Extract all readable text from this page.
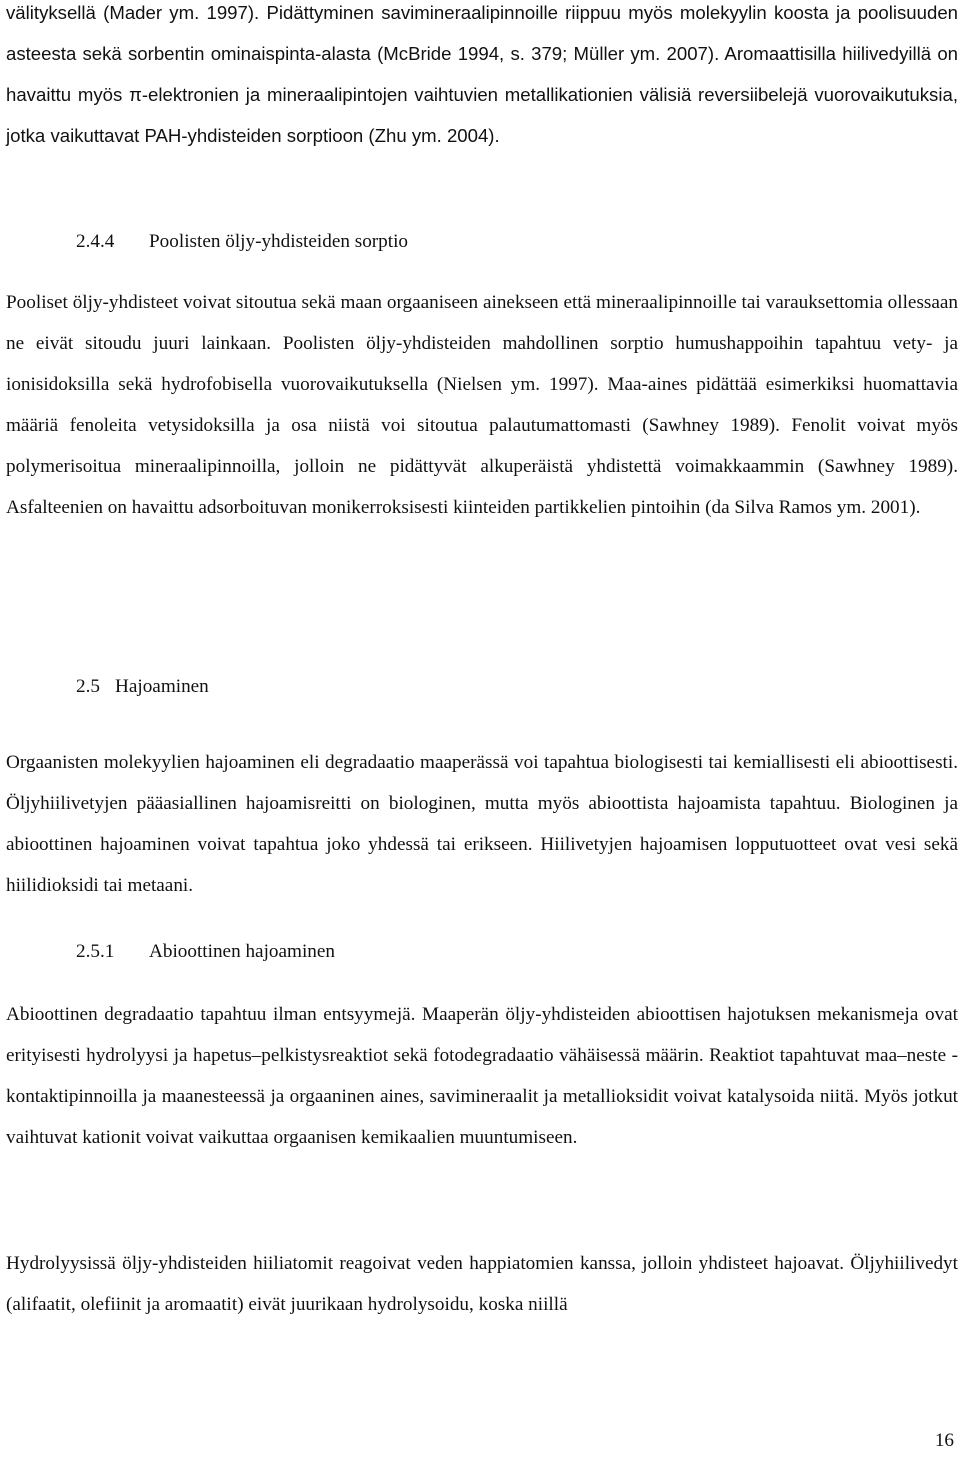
välityksellä (Mader ym. 1997). Pidättyminen savimineraalipinnoille riippuu myös molekyylin koosta ja poolisuuden asteesta sekä sorbentin ominaispinta-alasta (McBride 1994, s. 379; Müller ym. 2007). Aromaattisilla hiilivedyillä on havaittu myös π-elektronien ja mineraalipintojen vaihtuvien metallikationien välisiä reversiibelejä vuorovaikutuksia, jotka vaikuttavat PAH-yhdisteiden sorptioon (Zhu ym. 2004).

2.4.4 Poolisten öljy-yhdisteiden sorptio

Pooliset öljy-yhdisteet voivat sitoutua sekä maan orgaaniseen ainekseen että mineraalipinnoille tai varauksettomia ollessaan ne eivät sitoudu juuri lainkaan. Poolisten öljy-yhdisteiden mahdollinen sorptio humushappoihin tapahtuu vety- ja ionisidoksilla sekä hydrofobisella vuorovaikutuksella (Nielsen ym. 1997). Maa-aines pidättää esimerkiksi huomattavia määriä fenoleita vetysidoksilla ja osa niistä voi sitoutua palautumattomasti (Sawhney 1989). Fenolit voivat myös polymerisoitua mineraalipinnoilla, jolloin ne pidättyvät alkuperäistä yhdistettä voimakkaammin (Sawhney 1989). Asfalteenien on havaittu adsorboituvan monikerroksisesti kiinteiden partikkelien pintoihin (da Silva Ramos ym. 2001).

2.5 Hajoaminen

Orgaanisten molekyylien hajoaminen eli degradaatio maaperässä voi tapahtua biologisesti tai kemiallisesti eli abioottisesti. Öljyhiilivetyjen pääasiallinen hajoamisreitti on biologinen, mutta myös abioottista hajoamista tapahtuu. Biologinen ja abioottinen hajoaminen voivat tapahtua joko yhdessä tai erikseen. Hiilivetyjen hajoamisen lopputuotteet ovat vesi sekä hiilidioksidi tai metaani.

2.5.1 Abioottinen hajoaminen

Abioottinen degradaatio tapahtuu ilman entsyymejä. Maaperän öljy-yhdisteiden abioottisen hajotuksen mekanismeja ovat erityisesti hydrolyysi ja hapetus–pelkistysreaktiot sekä fotodegradaatio vähäisessä määrin. Reaktiot tapahtuvat maa–neste -kontaktipinnoilla ja maanesteessä ja orgaaninen aines, savimineraalit ja metallioksidit voivat katalysoida niitä. Myös jotkut vaihtuvat kationit voivat vaikuttaa orgaanisen kemikaalien muuntumiseen.

Hydrolyysissä öljy-yhdisteiden hiiliatomit reagoivat veden happiatomien kanssa, jolloin yhdisteet hajoavat. Öljyhiilivedyt (alifaatit, olefiinit ja aromaatit) eivät juurikaan hydrolysoidu, koska niillä

16
